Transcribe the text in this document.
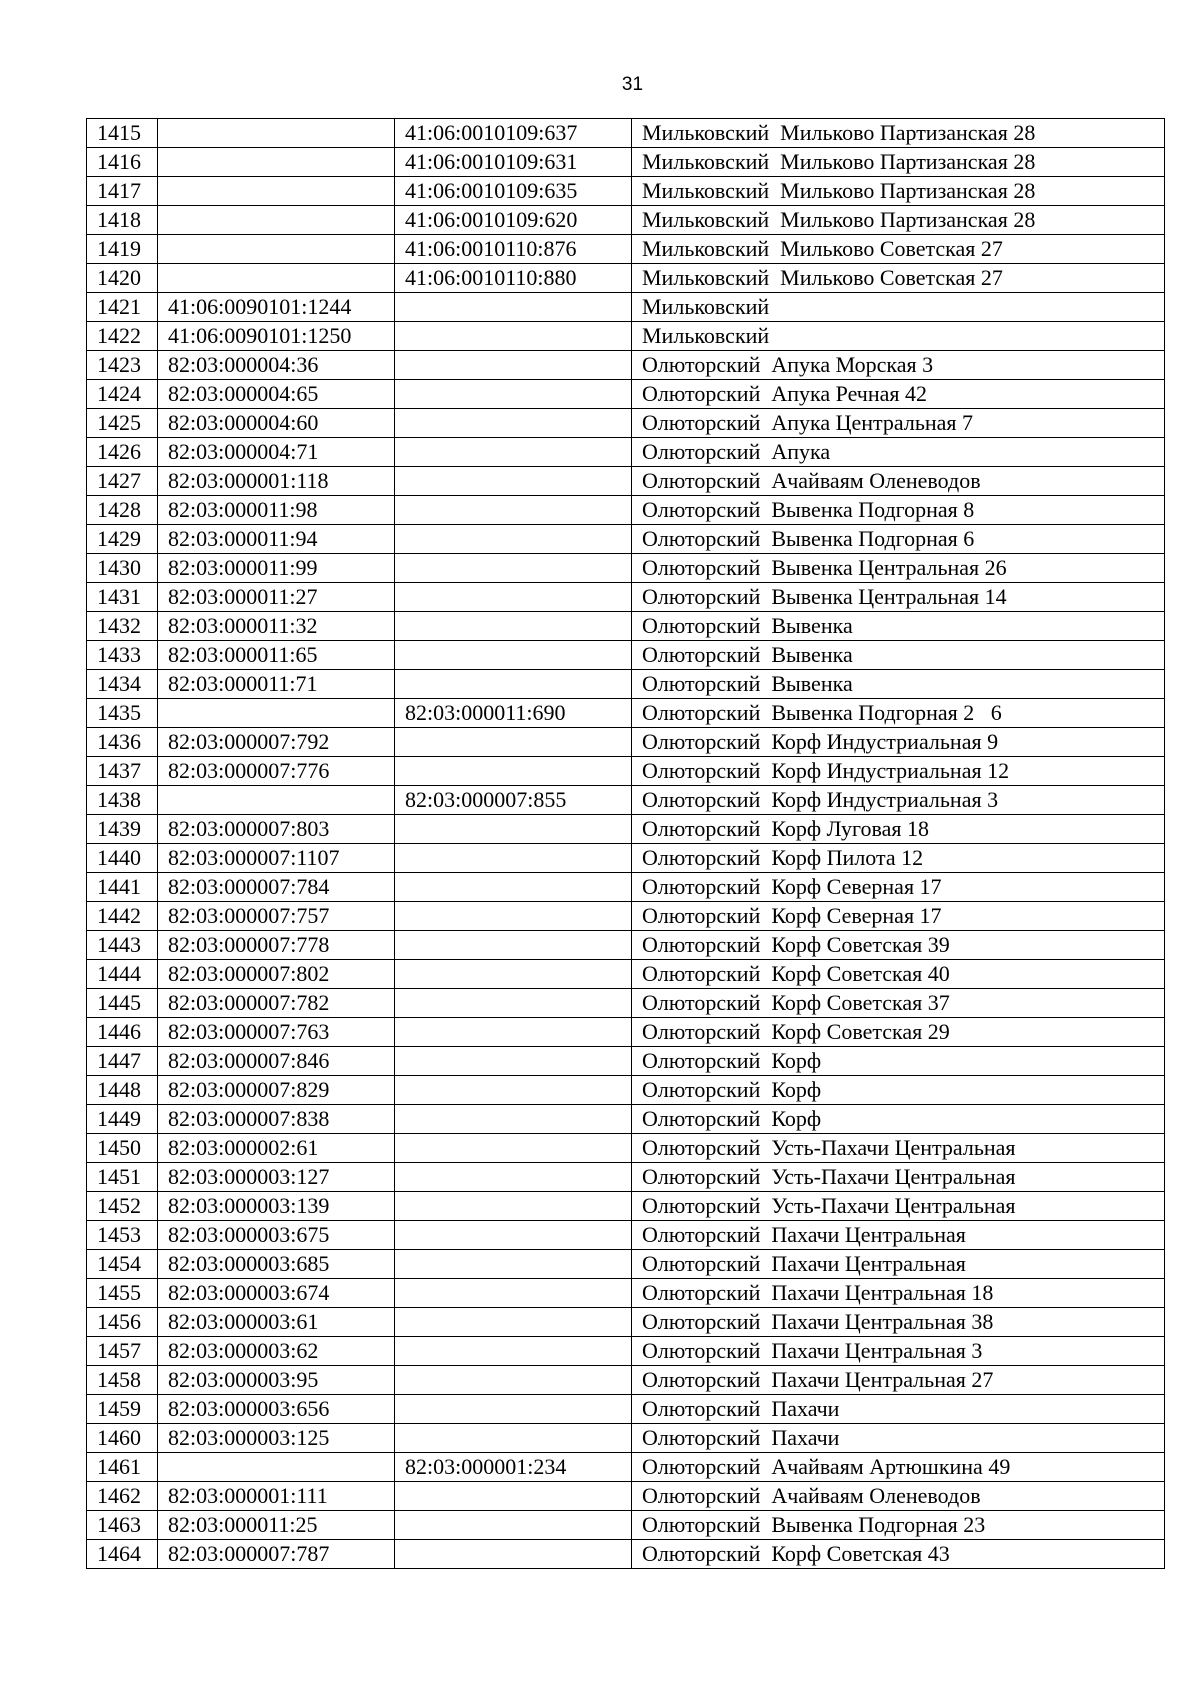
31
1415		41:06:0010109:637	Мильковский  Мильково Партизанская 28
1416		41:06:0010109:631	Мильковский  Мильково Партизанская 28
1417		41:06:0010109:635	Мильковский  Мильково Партизанская 28
1418		41:06:0010109:620	Мильковский  Мильково Партизанская 28
1419		41:06:0010110:876	Мильковский  Мильково Советская 27
1420		41:06:0010110:880	Мильковский  Мильково Советская 27
1421	41:06:0090101:1244		Мильковский
1422	41:06:0090101:1250		Мильковский
1423	82:03:000004:36		Олюторский  Апука Морская 3
1424	82:03:000004:65		Олюторский  Апука Речная 42
1425	82:03:000004:60		Олюторский  Апука Центральная 7
1426	82:03:000004:71		Олюторский  Апука
1427	82:03:000001:118		Олюторский  Ачайваям Оленеводов
1428	82:03:000011:98		Олюторский  Вывенка Подгорная 8
1429	82:03:000011:94		Олюторский  Вывенка Подгорная 6
1430	82:03:000011:99		Олюторский  Вывенка Центральная 26
1431	82:03:000011:27		Олюторский  Вывенка Центральная 14
1432	82:03:000011:32		Олюторский  Вывенка
1433	82:03:000011:65		Олюторский  Вывенка
1434	82:03:000011:71		Олюторский  Вывенка
1435		82:03:000011:690	Олюторский  Вывенка Подгорная 2   6
1436	82:03:000007:792		Олюторский  Корф Индустриальная 9
1437	82:03:000007:776		Олюторский  Корф Индустриальная 12
1438		82:03:000007:855	Олюторский  Корф Индустриальная 3
1439	82:03:000007:803		Олюторский  Корф Луговая 18
1440	82:03:000007:1107		Олюторский  Корф Пилота 12
1441	82:03:000007:784		Олюторский  Корф Северная 17
1442	82:03:000007:757		Олюторский  Корф Северная 17
1443	82:03:000007:778		Олюторский  Корф Советская 39
1444	82:03:000007:802		Олюторский  Корф Советская 40
1445	82:03:000007:782		Олюторский  Корф Советская 37
1446	82:03:000007:763		Олюторский  Корф Советская 29
1447	82:03:000007:846		Олюторский  Корф
1448	82:03:000007:829		Олюторский  Корф
1449	82:03:000007:838		Олюторский  Корф
1450	82:03:000002:61		Олюторский  Усть-Пахачи Центральная
1451	82:03:000003:127		Олюторский  Усть-Пахачи Центральная
1452	82:03:000003:139		Олюторский  Усть-Пахачи Центральная
1453	82:03:000003:675		Олюторский  Пахачи Центральная
1454	82:03:000003:685		Олюторский  Пахачи Центральная
1455	82:03:000003:674		Олюторский  Пахачи Центральная 18
1456	82:03:000003:61		Олюторский  Пахачи Центральная 38
1457	82:03:000003:62		Олюторский  Пахачи Центральная 3
1458	82:03:000003:95		Олюторский  Пахачи Центральная 27
1459	82:03:000003:656		Олюторский  Пахачи
1460	82:03:000003:125		Олюторский  Пахачи
1461		82:03:000001:234	Олюторский  Ачайваям Артюшкина 49
1462	82:03:000001:111		Олюторский  Ачайваям Оленеводов
1463	82:03:000011:25		Олюторский  Вывенка Подгорная 23
1464	82:03:000007:787		Олюторский  Корф Советская 43
